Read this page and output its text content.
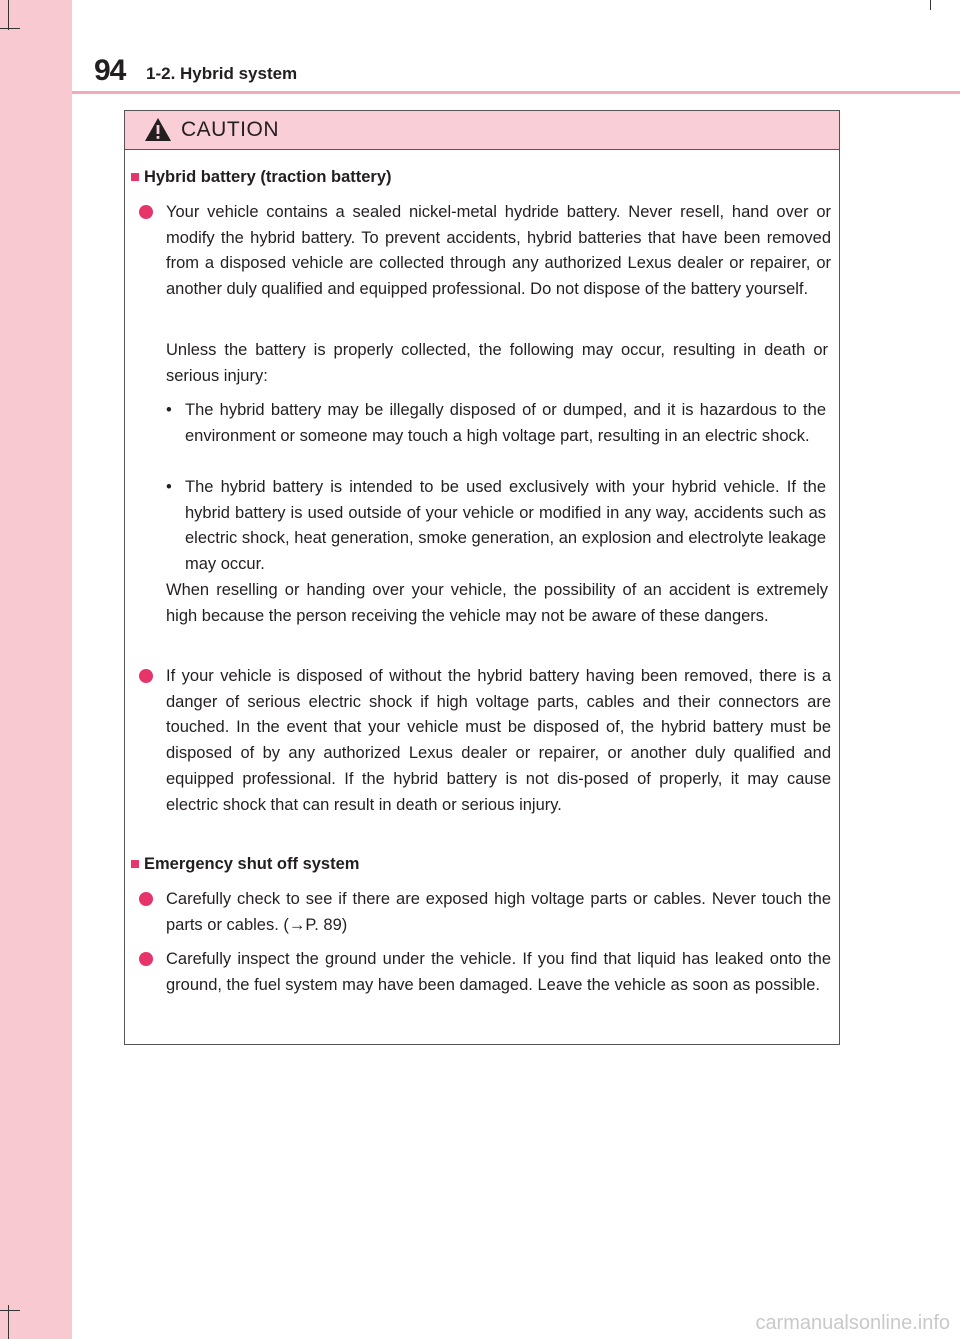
94 1-2. Hybrid system
CAUTION
■ Hybrid battery (traction battery)

Your vehicle contains a sealed nickel-metal hydride battery. Never resell, hand over or modify the hybrid battery. To prevent accidents, hybrid batteries that have been removed from a disposed vehicle are collected through any authorized Lexus dealer or repairer, or another duly qualified and equipped professional. Do not dispose of the battery yourself.

Unless the battery is properly collected, the following may occur, resulting in death or serious injury:

• The hybrid battery may be illegally disposed of or dumped, and it is hazardous to the environment or someone may touch a high voltage part, resulting in an electric shock.

• The hybrid battery is intended to be used exclusively with your hybrid vehicle. If the hybrid battery is used outside of your vehicle or modified in any way, accidents such as electric shock, heat generation, smoke generation, an explosion and electrolyte leakage may occur.

When reselling or handing over your vehicle, the possibility of an accident is extremely high because the person receiving the vehicle may not be aware of these dangers.

If your vehicle is disposed of without the hybrid battery having been removed, there is a danger of serious electric shock if high voltage parts, cables and their connectors are touched. In the event that your vehicle must be disposed of, the hybrid battery must be disposed of by any authorized Lexus dealer or repairer, or another duly qualified and equipped professional. If the hybrid battery is not dis-posed of properly, it may cause electric shock that can result in death or serious injury.

■ Emergency shut off system

Carefully check to see if there are exposed high voltage parts or cables. Never touch the parts or cables. (→P. 89)

Carefully inspect the ground under the vehicle. If you find that liquid has leaked onto the ground, the fuel system may have been damaged. Leave the vehicle as soon as possible.

carmanualsonline.info
